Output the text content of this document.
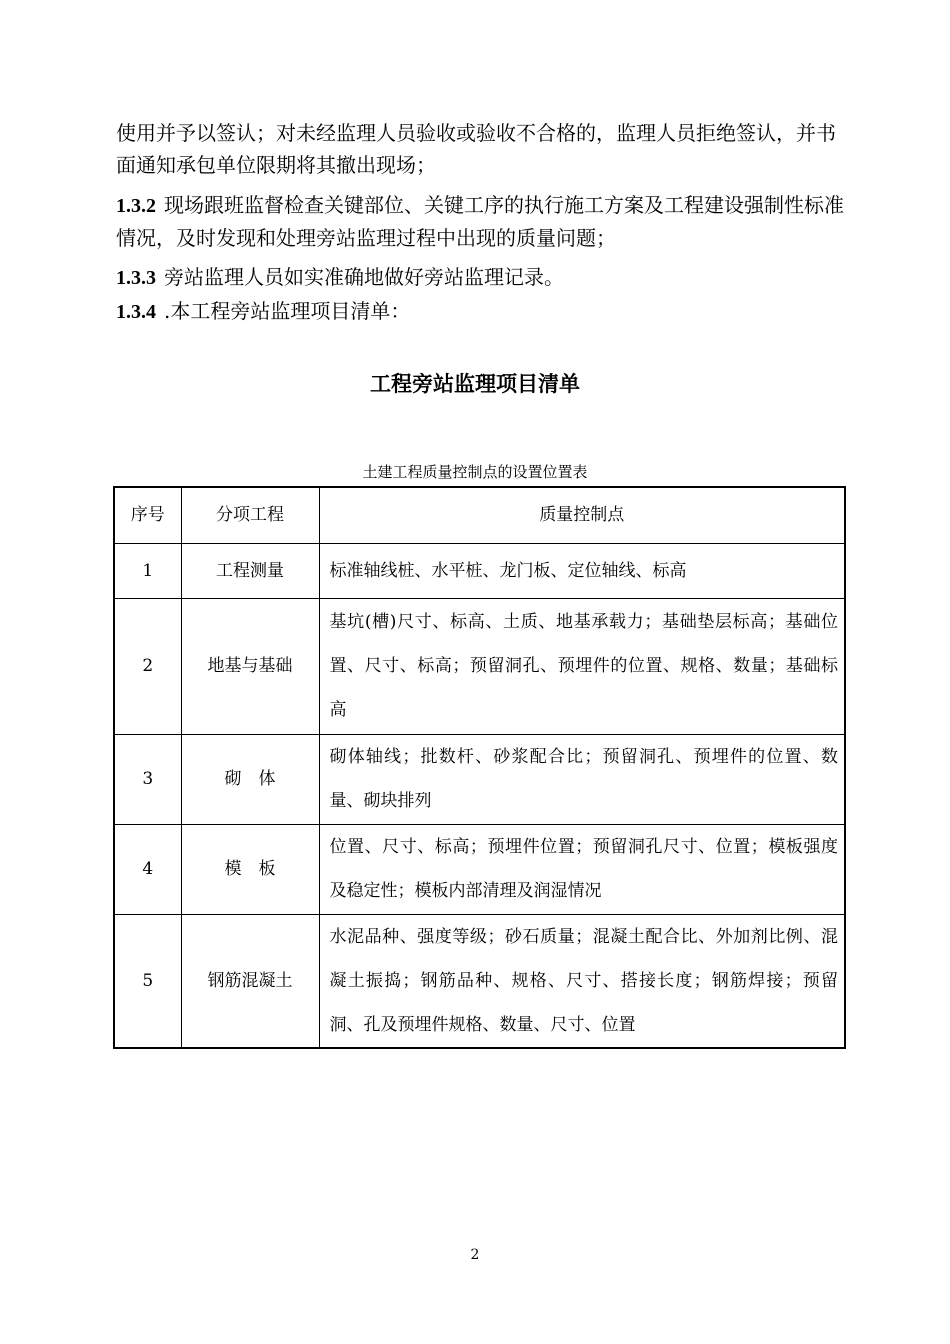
使用并予以签认；对未经监理人员验收或验收不合格的，监理人员拒绝签认，并书面通知承包单位限期将其撤出现场；

1.3.2 现场跟班监督检查关键部位、关键工序的执行施工方案及工程建设强制性标准情况，及时发现和处理旁站监理过程中出现的质量问题；

1.3.3 旁站监理人员如实准确地做好旁站监理记录。

1.3.4 .本工程旁站监理项目清单：

工程旁站监理项目清单
土建工程质量控制点的设置位置表
序号	分项工程	质量控制点
1	工程测量	标准轴线桩、水平桩、龙门板、定位轴线、标高
2	地基与基础	基坑(槽)尺寸、标高、土质、地基承载力；基础垫层标高；基础位置、尺寸、标高；预留洞孔、预埋件的位置、规格、数量；基础标高
3	砌　体	砌体轴线；批数杆、砂浆配合比；预留洞孔、预埋件的位置、数量、砌块排列
4	模　板	位置、尺寸、标高；预埋件位置；预留洞孔尺寸、位置；模板强度及稳定性；模板内部清理及润湿情况
5	钢筋混凝土	水泥品种、强度等级；砂石质量；混凝土配合比、外加剂比例、混凝土振捣；钢筋品种、规格、尺寸、搭接长度；钢筋焊接；预留洞、孔及预埋件规格、数量、尺寸、位置
2
